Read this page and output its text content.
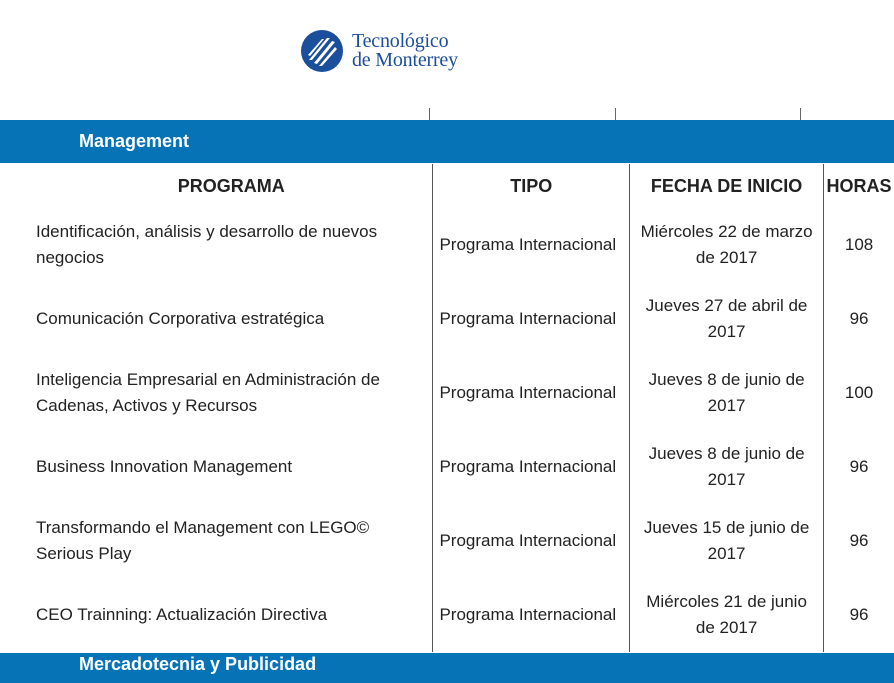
Tecnológico
de Monterrey
Management
PROGRAMA	TIPO	FECHA DE INICIO	HORAS
Identificación, análisis y desarrollo de nuevos negocios	Programa Internacional	Miércoles 22 de marzo de 2017	108
Comunicación Corporativa estratégica	Programa Internacional	Jueves 27 de abril de 2017	96
Inteligencia Empresarial en Administración de Cadenas, Activos y Recursos	Programa Internacional	Jueves 8 de junio de 2017	100
Business Innovation Management	Programa Internacional	Jueves 8 de junio de 2017	96
Transformando el Management con LEGO© Serious Play	Programa Internacional	Jueves 15 de junio de 2017	96
CEO Trainning: Actualización Directiva	Programa Internacional	Miércoles 21 de junio de 2017	96
Mercadotecnia y Publicidad
